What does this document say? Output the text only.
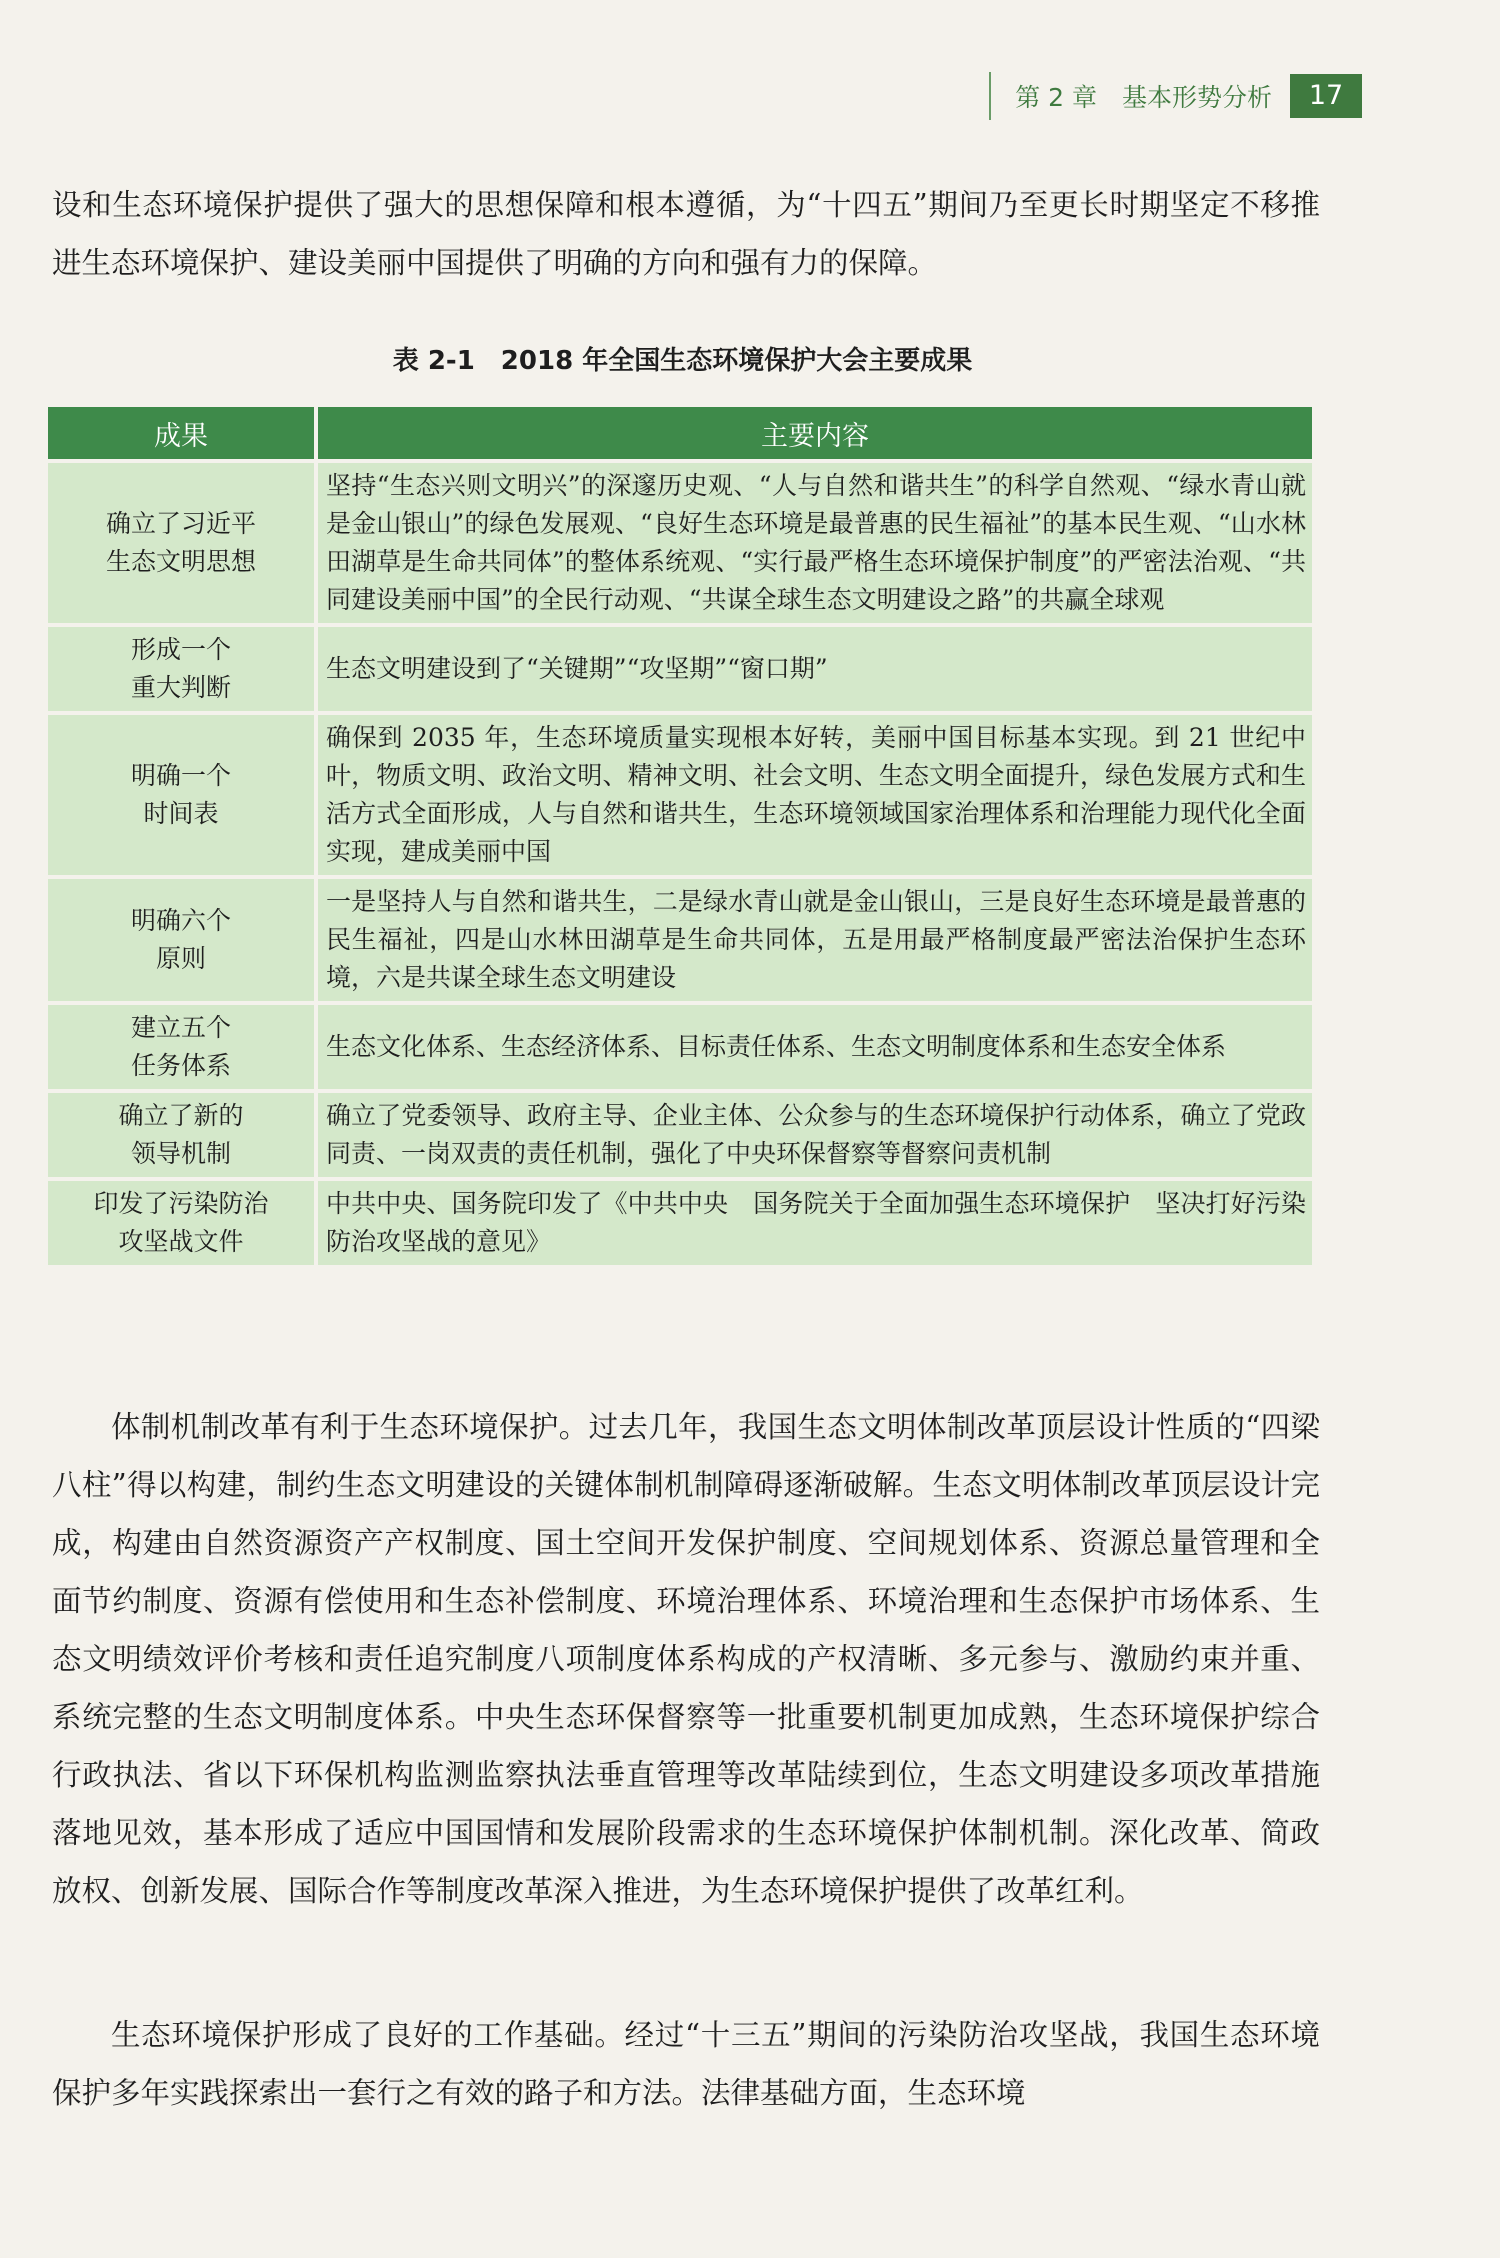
第 2 章　基本形势分析	17

设和生态环境保护提供了强大的思想保障和根本遵循，为“十四五”期间乃至更长时期坚定不移推进生态环境保护、建设美丽中国提供了明确的方向和强有力的保障。

表 2-1　2018 年全国生态环境保护大会主要成果
成果	主要内容
确立了习近平
生态文明思想	坚持“生态兴则文明兴”的深邃历史观、“人与自然和谐共生”的科学自然观、“绿水青山就是金山银山”的绿色发展观、“良好生态环境是最普惠的民生福祉”的基本民生观、“山水林田湖草是生命共同体”的整体系统观、“实行最严格生态环境保护制度”的严密法治观、“共同建设美丽中国”的全民行动观、“共谋全球生态文明建设之路”的共赢全球观
形成一个
重大判断	生态文明建设到了“关键期”“攻坚期”“窗口期”
明确一个
时间表	确保到 2035 年，生态环境质量实现根本好转，美丽中国目标基本实现。到 21 世纪中叶，物质文明、政治文明、精神文明、社会文明、生态文明全面提升，绿色发展方式和生活方式全面形成，人与自然和谐共生，生态环境领域国家治理体系和治理能力现代化全面实现，建成美丽中国
明确六个
原则	一是坚持人与自然和谐共生，二是绿水青山就是金山银山，三是良好生态环境是最普惠的民生福祉，四是山水林田湖草是生命共同体，五是用最严格制度最严密法治保护生态环境，六是共谋全球生态文明建设
建立五个
任务体系	生态文化体系、生态经济体系、目标责任体系、生态文明制度体系和生态安全体系
确立了新的
领导机制	确立了党委领导、政府主导、企业主体、公众参与的生态环境保护行动体系，确立了党政同责、一岗双责的责任机制，强化了中央环保督察等督察问责机制
印发了污染防治
攻坚战文件	中共中央、国务院印发了《中共中央　国务院关于全面加强生态环境保护　坚决打好污染防治攻坚战的意见》

体制机制改革有利于生态环境保护。过去几年，我国生态文明体制改革顶层设计性质的“四梁八柱”得以构建，制约生态文明建设的关键体制机制障碍逐渐破解。生态文明体制改革顶层设计完成，构建由自然资源资产产权制度、国土空间开发保护制度、空间规划体系、资源总量管理和全面节约制度、资源有偿使用和生态补偿制度、环境治理体系、环境治理和生态保护市场体系、生态文明绩效评价考核和责任追究制度八项制度体系构成的产权清晰、多元参与、激励约束并重、系统完整的生态文明制度体系。中央生态环保督察等一批重要机制更加成熟，生态环境保护综合行政执法、省以下环保机构监测监察执法垂直管理等改革陆续到位，生态文明建设多项改革措施落地见效，基本形成了适应中国国情和发展阶段需求的生态环境保护体制机制。深化改革、简政放权、创新发展、国际合作等制度改革深入推进，为生态环境保护提供了改革红利。

生态环境保护形成了良好的工作基础。经过“十三五”期间的污染防治攻坚战，我国生态环境保护多年实践探索出一套行之有效的路子和方法。法律基础方面，生态环境
